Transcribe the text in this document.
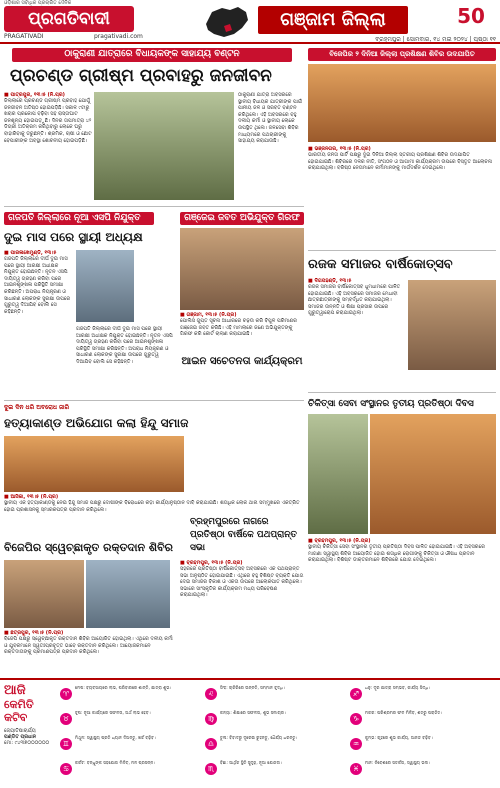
ଓଡ଼ିଶାର ସର୍ବାଧିକ ପ୍ରଚାରିତ ଦୈନିକ
ପ୍ରଗତିବାଦୀ
PRAGATIVADI	pragativadi.com
ଗଞ୍ଜାମ ଜିଲ୍ଲା	50
ବ୍ରହ୍ମପୁର | ସୋମବାର, ୧୪ ମଇ ୨୦୨୪ | ପୃଷ୍ଠା ୧୧
ଠାକୁରାଣୀ ଯାତ୍ରାରେ ବିଧାୟକଙ୍କ ସାହାଯ୍ୟ ବଣ୍ଟନ
ପ୍ରଚଣ୍ଡ ଗ୍ରୀଷ୍ମ ପ୍ରବାହରୁ ଜନଜୀବନ
■ ପାତ୍ରପୁର, ୧୩।୫ (ନି.ପ୍ର)
ଜିଲ୍ଲାରେ ପ୍ରଚଣ୍ଡ ଗ୍ରୀଷ୍ମ ପ୍ରବାହ ଯୋଗୁଁ ଜନଜୀବନ ଅତିଷ୍ଠ ହୋଇପଡ଼ିଛି। ସକାଳ ୯ଟାରୁ ଖରାର ପ୍ରକୋପ ବଢ଼ିବା ସହ ରାସ୍ତାଘାଟ ଜନଶୂନ୍ୟ ହୋଇପଡ଼ୁଛି। ଦିନର ତାପମାତ୍ରା ୪୨ ଡିଗ୍ରୀ ଅତିକ୍ରମ କରିଥିବାରୁ ଲୋକେ ଘରୁ ବାହାରିବାକୁ ଡରୁଛନ୍ତି। ଶ୍ରମିକ, ଚାଷୀ ଓ ଛୋଟ ବେପାରୀଙ୍କ ଅବସ୍ଥା ଶୋଚନୀୟ ହୋଇପଡ଼ିଛି।
ଠାକୁରାଣୀ ଯାତ୍ରା ଅବସରରେ ସ୍ଥାନୀୟ ବିଧାୟକ ଯାତ୍ରୀଙ୍କ ପାଇଁ ପାନୀୟ ଜଳ ଓ ସରବତ ବଣ୍ଟନ କରିଥିଲେ। ଏହି ଅବସରରେ ବହୁ ଦଳୀୟ କର୍ମୀ ଓ ସ୍ଥାନୀୟ ଲୋକେ ଉପସ୍ଥିତ ଥିଲେ। ଜଳସେବା ଶିବିର ମାଧ୍ୟମରେ ପଥଚାରୀଙ୍କୁ ସାହାଯ୍ୟ କରାଯାଉଛି।
ଗଜପତି ଜିଲ୍ଲାରେ ନୂଆ ଏସପି ନିଯୁକ୍ତ
ଦୁଇ ମାସ ପରେ ସ୍ଥାୟୀ ଅଧ୍ୟକ୍ଷ
■ ପାରଳାଖେମୁଣ୍ଡି, ୧୩।୫
ଗଜପତି ଜିଲ୍ଲାରେ ଦୀର୍ଘ ଦୁଇ ମାସ ପରେ ସ୍ଥାୟୀ ଆରକ୍ଷୀ ଅଧୀକ୍ଷକ ନିଯୁକ୍ତ ହୋଇଛନ୍ତି। ନୂତନ ଏସପି ଦାୟିତ୍ୱ ଗ୍ରହଣ କରିବା ପରେ ଆଇନଶୃଙ୍ଖଳା ପରିସ୍ଥିତି ସମୀକ୍ଷା କରିଛନ୍ତି। ଅପରାଧ ନିୟନ୍ତ୍ରଣ ଓ ସାଧାରଣ ଲୋକଙ୍କ ସୁରକ୍ଷା ଉପରେ ଗୁରୁତ୍ୱ ଦିଆଯିବ ବୋଲି ସେ କହିଛନ୍ତି।
ଗଜପତି ଜିଲ୍ଲାରେ ଦୀର୍ଘ ଦୁଇ ମାସ ପରେ ସ୍ଥାୟୀ ଆରକ୍ଷୀ ଅଧୀକ୍ଷକ ନିଯୁକ୍ତ ହୋଇଛନ୍ତି। ନୂତନ ଏସପି ଦାୟିତ୍ୱ ଗ୍ରହଣ କରିବା ପରେ ଆଇନଶୃଙ୍ଖଳା ପରିସ୍ଥିତି ସମୀକ୍ଷା କରିଛନ୍ତି। ଅପରାଧ ନିୟନ୍ତ୍ରଣ ଓ ସାଧାରଣ ଲୋକଙ୍କ ସୁରକ୍ଷା ଉପରେ ଗୁରୁତ୍ୱ ଦିଆଯିବ ବୋଲି ସେ କହିଛନ୍ତି।
ଗଞ୍ଜେଇ ଜବତ ଅଭିଯୁକ୍ତ ଗିରଫ
■ ଗଞ୍ଜାମ, ୧୩।୫ (ନି.ପ୍ର)
ପୋଲିସ ଗୁପ୍ତ ସୂଚନା ଆଧାରରେ ଚଢ଼ଉ କରି ବିପୁଳ ପରିମାଣର ଗଞ୍ଜେଇ ଜବତ କରିଛି। ଏହି ମାମଲାରେ ଜଣେ ଅଭିଯୁକ୍ତଙ୍କୁ ଗିରଫ କରି କୋର୍ଟ ଚାଲାଣ କରାଯାଇଛି।
ଆଇନ ସଚେତନତା କାର୍ଯ୍ୟକ୍ରମ
ଦୁଇ ଦିନ ଧରି ଅବରୋଧ ଜାରି
ହତ୍ୟାକାଣ୍ଡ ଅଭିଯୋଗ କଲା ହିନ୍ଦୁ ସମାଜ
■ ଆସିକା, ୧୩।୫ (ନି.ପ୍ର)
ସ୍ଥାନୀୟ ଏକ ହତ୍ୟାକାଣ୍ଡକୁ ନେଇ ହିନ୍ଦୁ ସମାଜ ପକ୍ଷରୁ ଦୋଷୀଙ୍କ ବିରୋଧରେ କଡ଼ା କାର୍ଯ୍ୟାନୁଷ୍ଠାନ ଦାବି କରାଯାଇଛି। ଶତାଧିକ ଲୋକ ଥାନା ସମ୍ମୁଖରେ ଏକତ୍ରିତ ହୋଇ ପ୍ରଶାସନକୁ ସ୍ମାରକପତ୍ର ପ୍ରଦାନ କରିଥିଲେ।
ବ୍ରହ୍ମପୁରରେ ନାଗରେ ପ୍ରତିଷ୍ଠା ବାର୍ଷିକେ ପଥପ୍ରାନ୍ତ ସଭା
■ ବ୍ରହ୍ମପୁର, ୧୩।୫ (ନି.ପ୍ର)
ସହରରେ ପ୍ରତିଷ୍ଠା ବାର୍ଷିକୋତ୍ସବ ଅବସରରେ ଏକ ପଥପ୍ରାନ୍ତ ସଭା ଅନୁଷ୍ଠିତ ହୋଇଯାଇଛି। ଏଥିରେ ବହୁ ବିଶିଷ୍ଟ ବ୍ୟକ୍ତି ଯୋଗ ଦେଇ ସମାଜର ବିକାଶ ଓ ଏକତା ଉପରେ ଆଲୋକପାତ କରିଥିଲେ। ସଭାରେ ସାଂସ୍କୃତିକ କାର୍ଯ୍ୟକ୍ରମ ମଧ୍ୟ ପରିବେଷଣ କରାଯାଇଥିଲା।
ବିଜେପିର ସ୍ୱେଚ୍ଛାକୃତ ରକ୍ତଦାନ ଶିବିର
■ ଛତ୍ରପୁର, ୧୩।୫ (ନି.ପ୍ର)
ବିଜେପି ପକ୍ଷରୁ ସ୍ୱେଚ୍ଛାକୃତ ରକ୍ତଦାନ ଶିବିର ଆୟୋଜିତ ହୋଇଥିଲା। ଏଥିରେ ଦଳୀୟ କର୍ମୀ ଓ ଯୁବକମାନେ ସ୍ୱତଃପ୍ରବୃତ୍ତ ଭାବେ ରକ୍ତଦାନ କରିଥିଲେ। ଆୟୋଜକମାନେ ରକ୍ତଦାତାଙ୍କୁ ପ୍ରମାଣପତ୍ର ପ୍ରଦାନ କରିଥିଲେ।
ବିଜେପିର ୨ ଦିନିଆ ଜିଲ୍ଲା ପ୍ରଶିକ୍ଷଣ ଶିବିର ଉଦଯାପିତ
■ ଭଞ୍ଜନଗର, ୧୩।୫ (ନି.ପ୍ର)
ଭାରତୀୟ ଜନତା ପାର୍ଟି ପକ୍ଷରୁ ଦୁଇ ଦିନିଆ ଜିଲ୍ଲା ସ୍ତରୀୟ ପ୍ରଶିକ୍ଷଣ ଶିବିର ଉଦଯାପିତ ହୋଇଯାଇଛି। ଶିବିରରେ ଦଳର ନୀତି, ସଂଗଠନ ଓ ଆଗାମୀ କାର୍ଯ୍ୟକ୍ରମ ଉପରେ ବିସ୍ତୃତ ଆଲୋଚନା କରାଯାଇଥିଲା। ବରିଷ୍ଠ ନେତାମାନେ କର୍ମୀମାନଙ୍କୁ ମାର୍ଗଦର୍ଶନ ଦେଇଥିଲେ।
ରଜକ ସମାଜର ବାର୍ଷିକୋତ୍ସବ
■ ଦିଗପହଣ୍ଡି, ୧୩।୫
ରଜକ ସମାଜର ବାର୍ଷିକୋତ୍ସବ ଧୁମଧାମରେ ପାଳିତ ହୋଇଯାଇଛି। ଏହି ଅବସରରେ ସମାଜର ମେଧାବୀ ଛାତ୍ରଛାତ୍ରୀଙ୍କୁ ସମ୍ବର୍ଦ୍ଧିତ କରାଯାଇଥିଲା। ସମାଜର ଉନ୍ନତି ଓ ଶିକ୍ଷା ପ୍ରସାର ଉପରେ ଗୁରୁତ୍ୱାରୋପ କରାଯାଇଥିଲା।
ଚିକିତ୍ସା ସେବା ସଂସ୍ଥାନର ତୃତୀୟ ପ୍ରତିଷ୍ଠା ଦିବସ
■ ବ୍ରହ୍ମପୁର, ୧୩।୫ (ନି.ପ୍ର)
ସ୍ଥାନୀୟ ଚିକିତ୍ସା ସେବା ସଂସ୍ଥାନର ତୃତୀୟ ପ୍ରତିଷ୍ଠା ଦିବସ ପାଳିତ ହୋଇଯାଇଛି। ଏହି ଅବସରରେ ମାଗଣା ସ୍ୱାସ୍ଥ୍ୟ ଶିବିର ଆୟୋଜିତ ହୋଇ ଶତାଧିକ ରୋଗୀଙ୍କୁ ଚିକିତ୍ସା ଓ ଔଷଧ ପ୍ରଦାନ କରାଯାଇଥିଲା। ବିଶିଷ୍ଟ ଡାକ୍ତରମାନେ ଶିବିରରେ ଯୋଗ ଦେଇଥିଲେ।
ଆଜି
କେମିତି
କଟିବ
ଜ୍ୟୋତିଷାଚାର୍ଯ୍ୟ
ପଣ୍ଡିତ ପ୍ରଧାନ
ମୋ: ୯୪୩୭୦୦୦୦୦୦
♈
ମେଷ: ବ୍ୟବସାୟରେ ଲାଭ, ପରିବାରରେ ଶାନ୍ତି, ଯାତ୍ରା ଶୁଭ।
♉
ବୃଷ: ନୂଆ କାର୍ଯ୍ୟରେ ସଫଳତା, ଅର୍ଥ ଲାଭ ହେବ।
♊
ମିଥୁନ: ସ୍ୱାସ୍ଥ୍ୟ ପ୍ରତି ଧ୍ୟାନ ଦିଅନ୍ତୁ, ଖର୍ଚ୍ଚ ବଢ଼ିବ।
♋
କର୍କଟ: ବନ୍ଧୁଙ୍କ ସହଯୋଗ ମିଳିବ, ମନ ପ୍ରସନ୍ନ।
♌
ସିଂହ: ଚାକିରିରେ ଉନ୍ନତି, ସମ୍ମାନ ବୃଦ୍ଧି।
♍
କନ୍ୟା: ଶିକ୍ଷାରେ ସଫଳତା, ଶୁଭ ସମାଚାର।
♎
ତୁଳା: ବିବାଦରୁ ଦୂରେଇ ରୁହନ୍ତୁ, ଧୈର୍ଯ୍ୟ ଧରନ୍ତୁ।
♏
ବିଛା: ଆର୍ଥିକ ସ୍ଥିତି ସୁଦୃଢ଼, ନୂଆ ଯୋଜନା।
♐
ଧନୁ: ଦୂର ଯାତ୍ରା ସମ୍ଭବ, କାର୍ଯ୍ୟ ସିଦ୍ଧି।
♑
ମକର: ପରିଶ୍ରମର ଫଳ ମିଳିବ, ଶତ୍ରୁ ପରାଜିତ।
♒
କୁମ୍ଭ: ଗୃହରେ ଶୁଭ କାର୍ଯ୍ୟ, ଆନନ୍ଦ ବଢ଼ିବ।
♓
ମୀନ: ନିବେଶରେ ସତର୍କତା, ସ୍ୱାସ୍ଥ୍ୟ ଭଲ।
